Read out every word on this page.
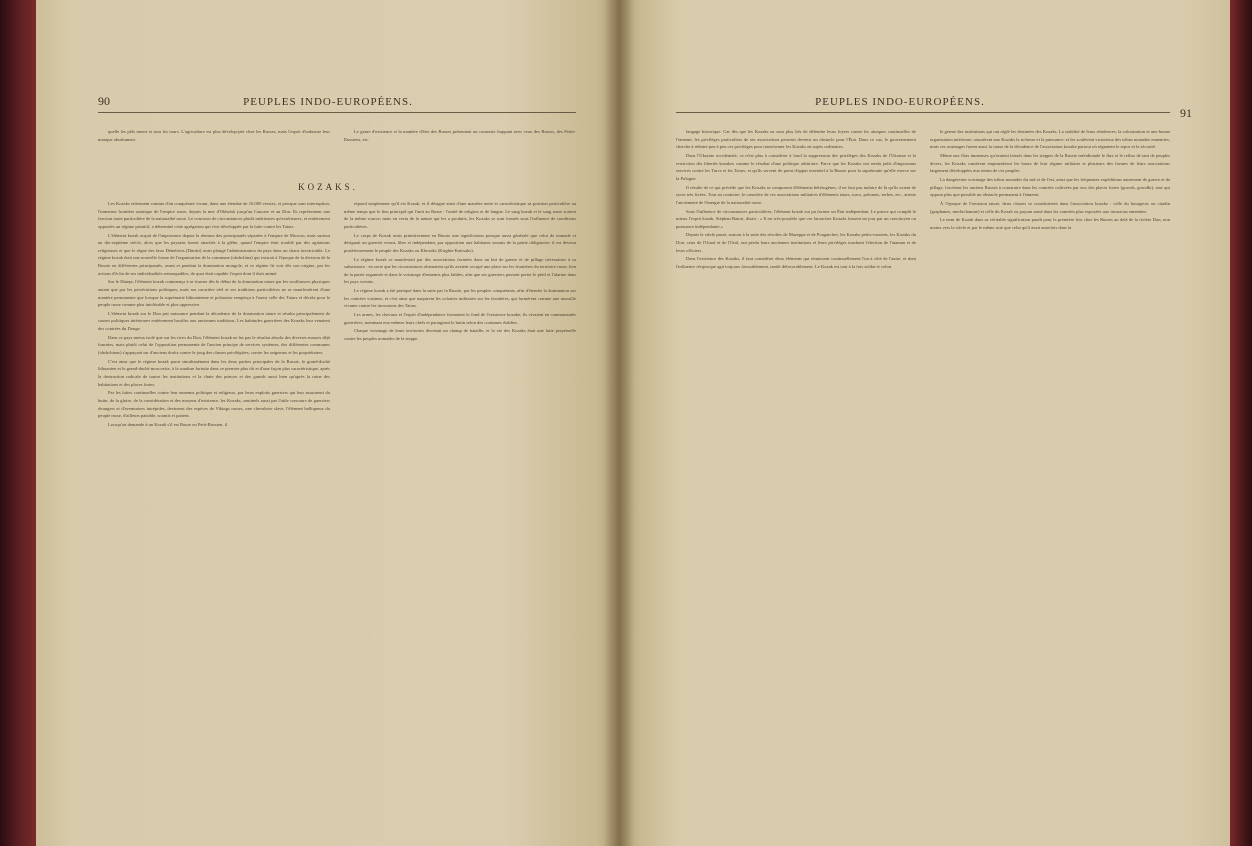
90	PEUPLES INDO-EUROPÉENS.

quelle les pâfs meurt et tous les tours. L'agriculture est plus dévelop-pée chez les Russes, mais l'esprit d'industrie leur manque absolument.

Le genre d'existence et la manière d'être des Russes présentent un contraste frappant avec ceux des Russes, des Petits-Russiens, etc.

KOZAKS.

Les Kozaks retiennent comme d'un conquérant vivant, dans une étendue de 10,000 verstes, et presque sans interruption, l'immense frontière asiatique de l'empire russe, depuis la mer d'Okhotsk jusqu'au Caucase et au Don. Ils représentent une fraction toute particulière de la nationalité russe. Le concours de circonstances plutôt intérieures qu'extérieures, et entièrement opposées au régime primitif, a déterminé cette agrégation qui s'est développée par la lutte contre les Tatars.

L'élément kozak acquit de l'importance depuis la réunion des principautés séparées à l'empire de Moscou, mais surtout au dix-septième siècle, alors que les paysans furent attachés à la glèbe, quand l'empire était troublé par des agitations religieuses et que le règne des faux Démétrius (Dmitri) avait plongé l'administration du pays dans un chaos inextricable. Le régime kozak était une nouvelle forme de l'organisation de la commune (obshchina) qui existait à l'époque de la division de la Russie en différentes principautés, avant et pendant la domination mongole, et ce régime fit voir dès son origine, par les actions d'éclat de ses individualités remarquables, de quoi était capable l'esprit dont il était animé.

Sur le Dniepr, l'élément kozak commença à se former dès le début de la domination tatare par les souffrances physiques autant que par les persécutions politiques; mais ses caractère réel et ses traditions particulières ne se manifestèrent d'une manière permanente que lorsque la suprématie lithuanienne et polonaise remplaça à l'ouest celle des Tatars et décida pour le peuple russe comme plus intolérable et plus oppressive.

L'élément kozak sur le Don prit naissance pendant la décadence de la domination tatare et résulta principalement de causes politiques intérieures entièrement hostiles aux anciennes traditions. Les habitudes guerrières des Kozaks leur venaient des contrées du Donge.

Dans ce pays mieux isolé que sur les rives du Don, l'élément kozak ne fut pas le résultat absolu des diverses masses déjà fournies, mais plutôt celui de l'opposition permanente de l'ancien principe de services systèmes, des différentes communes (obshchinas) s'appuyant sur d'anciens droits contre le joug des classes privilégiées, contre les seigneurs et les propriétaires.

C'est ainsi que le régime kozak parut simultanément dans les deux parties principales de la Russie, le grand-duché lithuanien et le grand-duché moscovite, à la soudure fortuite dans ce premier plus tôt et d'une façon plus caractéristique, après la destruction radicale de toutes les institutions et la chute des princes et des grands aussi bien qu'après la ruine des habitations et des places fortes.

Par les luttes continuelles contre leur ennemis politique et religieux, par leurs exploits guerriers qui leur assuraient du butin, de la gloire, de la considération et des moyens d'existence, les Kozaks, sentinels aussi par l'utile concours de guerriers étrangers et d'aventuriers intrépides, devinrent des espèces de Vikings russes, une chevalerie slave, l'élément belliqueux du peuple russe, d'ailleurs paisible, soumis et patient.

Lorsqu'on demande à un Kozak s'il est Russe ou Petit-Russien, il

répond simplement qu'il est Kozak, et il désigne ainsi d'une manière nette et caractéristique sa position particulière au même temps que le lien principal qui l'unit au Russe : l'unité de religion et de langue. Le sang kozak et le sang russe sortent de la même source; mais en vertu de la nature qui les a produits, les Kozaks se sont formés sous l'influence de conditions particulières.

Le corps de Kozak avait primitivement en Russie une signification presque aussi générale que celui de nomade et désignait un guerrier errant, libre et indépendant, par opposition aux habitants soumis de la patrie obligatoire; il est devenu postérieurement le peuple des Kozaks ou Khozaks (Kirghiz-Kaïssaks).

Le régime kozak se manifestait par des associations formées dans un but de guerre et de pillage nécessaires à sa subsistance : en sorte que les circonstances obtenaient qu'ils avaient occupé une place sur les frontières du territoire russe, loin de la patrie organisée et dans le voisinage d'ennemis plus faibles, afin que ses guerriers pussent porter le péril et l'alarme dans les pays voisins.

Le régime kozak a été pratiqué dans la suite par la Russie, par les peuples conquérants, afin d'étendre la domination sur les contrées voisines; et c'est ainsi que naquirent les colonies militaires sur les frontières, qui formèrent comme une muraille vivante contre les incursions des Tatars.

Les armes, les chevaux et l'esprit d'indépendance formaient le fond de l'existence kozake; ils vivaient en communautés guerrières, nommant eux-mêmes leurs chefs et partageant le butin selon des coutumes établies.

Chaque voisinage de leurs territoires devenait un champ de bataille, et la vie des Kozaks était une lutte perpétuelle contre les peuples nomades de la steppe.

PEUPLES INDO-EUROPÉENS.
91

langage historique. Car dès que les Kozaks ne sont plus liés de défendre leurs foyers contre les attaques continuelles de l'ennemi, les privilèges particuliers de ses associations peuvent devenir un obstacle pour l'État. Dans ce cas, le gouvernement cherche à réduire peu à peu ces privilèges pour transformer les Kozaks en sujets ordinaires.

Dans l'Ukraine occidentale, ce n'est plus à considérer à fond la suppression des privilèges des Kozaks de l'Ukraine et la restriction des libertés kozakes comme le résultat d'une politique arbitraire. Parce que les Kozaks ont rendu jadis d'importants services contre les Turcs et les Tatars, et qu'ils servent de point d'appui essentiel à la Russie pour la suprématie qu'elle exerce sur la Pologne.

Il résulte de ce qui précède que les Kozaks se composent d'éléments hétérogènes, il ne faut pas induire de là qu'ils soient de races très fixées. Tout au contraire, le caractère de ces associations militaires d'éléments tatars, turcs, polonais, serbes, etc., atteste l'ancienneté de l'énergie de la nationalité russe.

Sous l'influence de circonstances particulières, l'élément kozak eut pu former un État indépendant. Le prince qui complit le mieux l'esprit kozak, Stéphan Batori, disait : « Il est très-possible que ces farouches Kozaks fussent un jour par un concitoyen ou puissance indépendante.»

Depuis le siècle passé, surtout à la suite des révoltes de Mazeppa et de Pougatchev, les Kozaks petits-russiens, les Kozaks du Don, ceux de l'Oural et de l'Oral, ont perdu leurs anciennes institutions et leurs privilèges touchant l'election de l'ataman et de leurs officiers.

Dans l'existence des Kozaks, il faut considérer deux éléments qui réunissent continuellement l'un à côté de l'autre, et dont l'influence réciproque agit toujours favorablement, tantôt défavorablement. Le Kozak est tout à la fois soldat et colon.

le germe des institutions qui ont réglé les destinées des Kozaks. La stabilité de leurs résidences, la colonisation et une bonne organisation intérieure, assurèrent aux Kozaks la richesse et la puissance; et les soulèvent victorieux des tribus nomades ennemies; mais ces avantages furent aussi la cause de la décadence de l'association kozake partout où régnaient le repos et la sécurité.

Même aux flots immenses qu'avaient laissés dans les steppes de la Russie méridionale le flux et le reflux de tant de peuples divers, les Kozaks causèrent empruntèrent les bases de leur régime militaire et plusieurs des formes de leurs associations largement développées aux tentes de ces peuples.

La dangereuse voisinage des tribus nomades du sud et de l'est, ainsi que les fréquentes expéditions autrement de guerre et de pillage, forcèrent les anciens Russes à construire dans les contrées cultivées par eux des places fortes (gorods, gorodki), tout qui opposa plus que possible un obstacle permanent à l'ennemi.

À l'époque de l'invasion tatare, deux classes se constituèrent dans l'association kozake : celle du bourgeois ou citadin (graphanes, mechtchanine) et celle du Kozak ou paysan armé dans les contrées plus exposées aux invasions ennemies.

Le nom de Kozak dans sa véritable signification paraît pour la première fois chez les Russes au delà de la rivière Don, non moins vers le siècle et par le même acte que celui qu'il avait autrefois dans la
